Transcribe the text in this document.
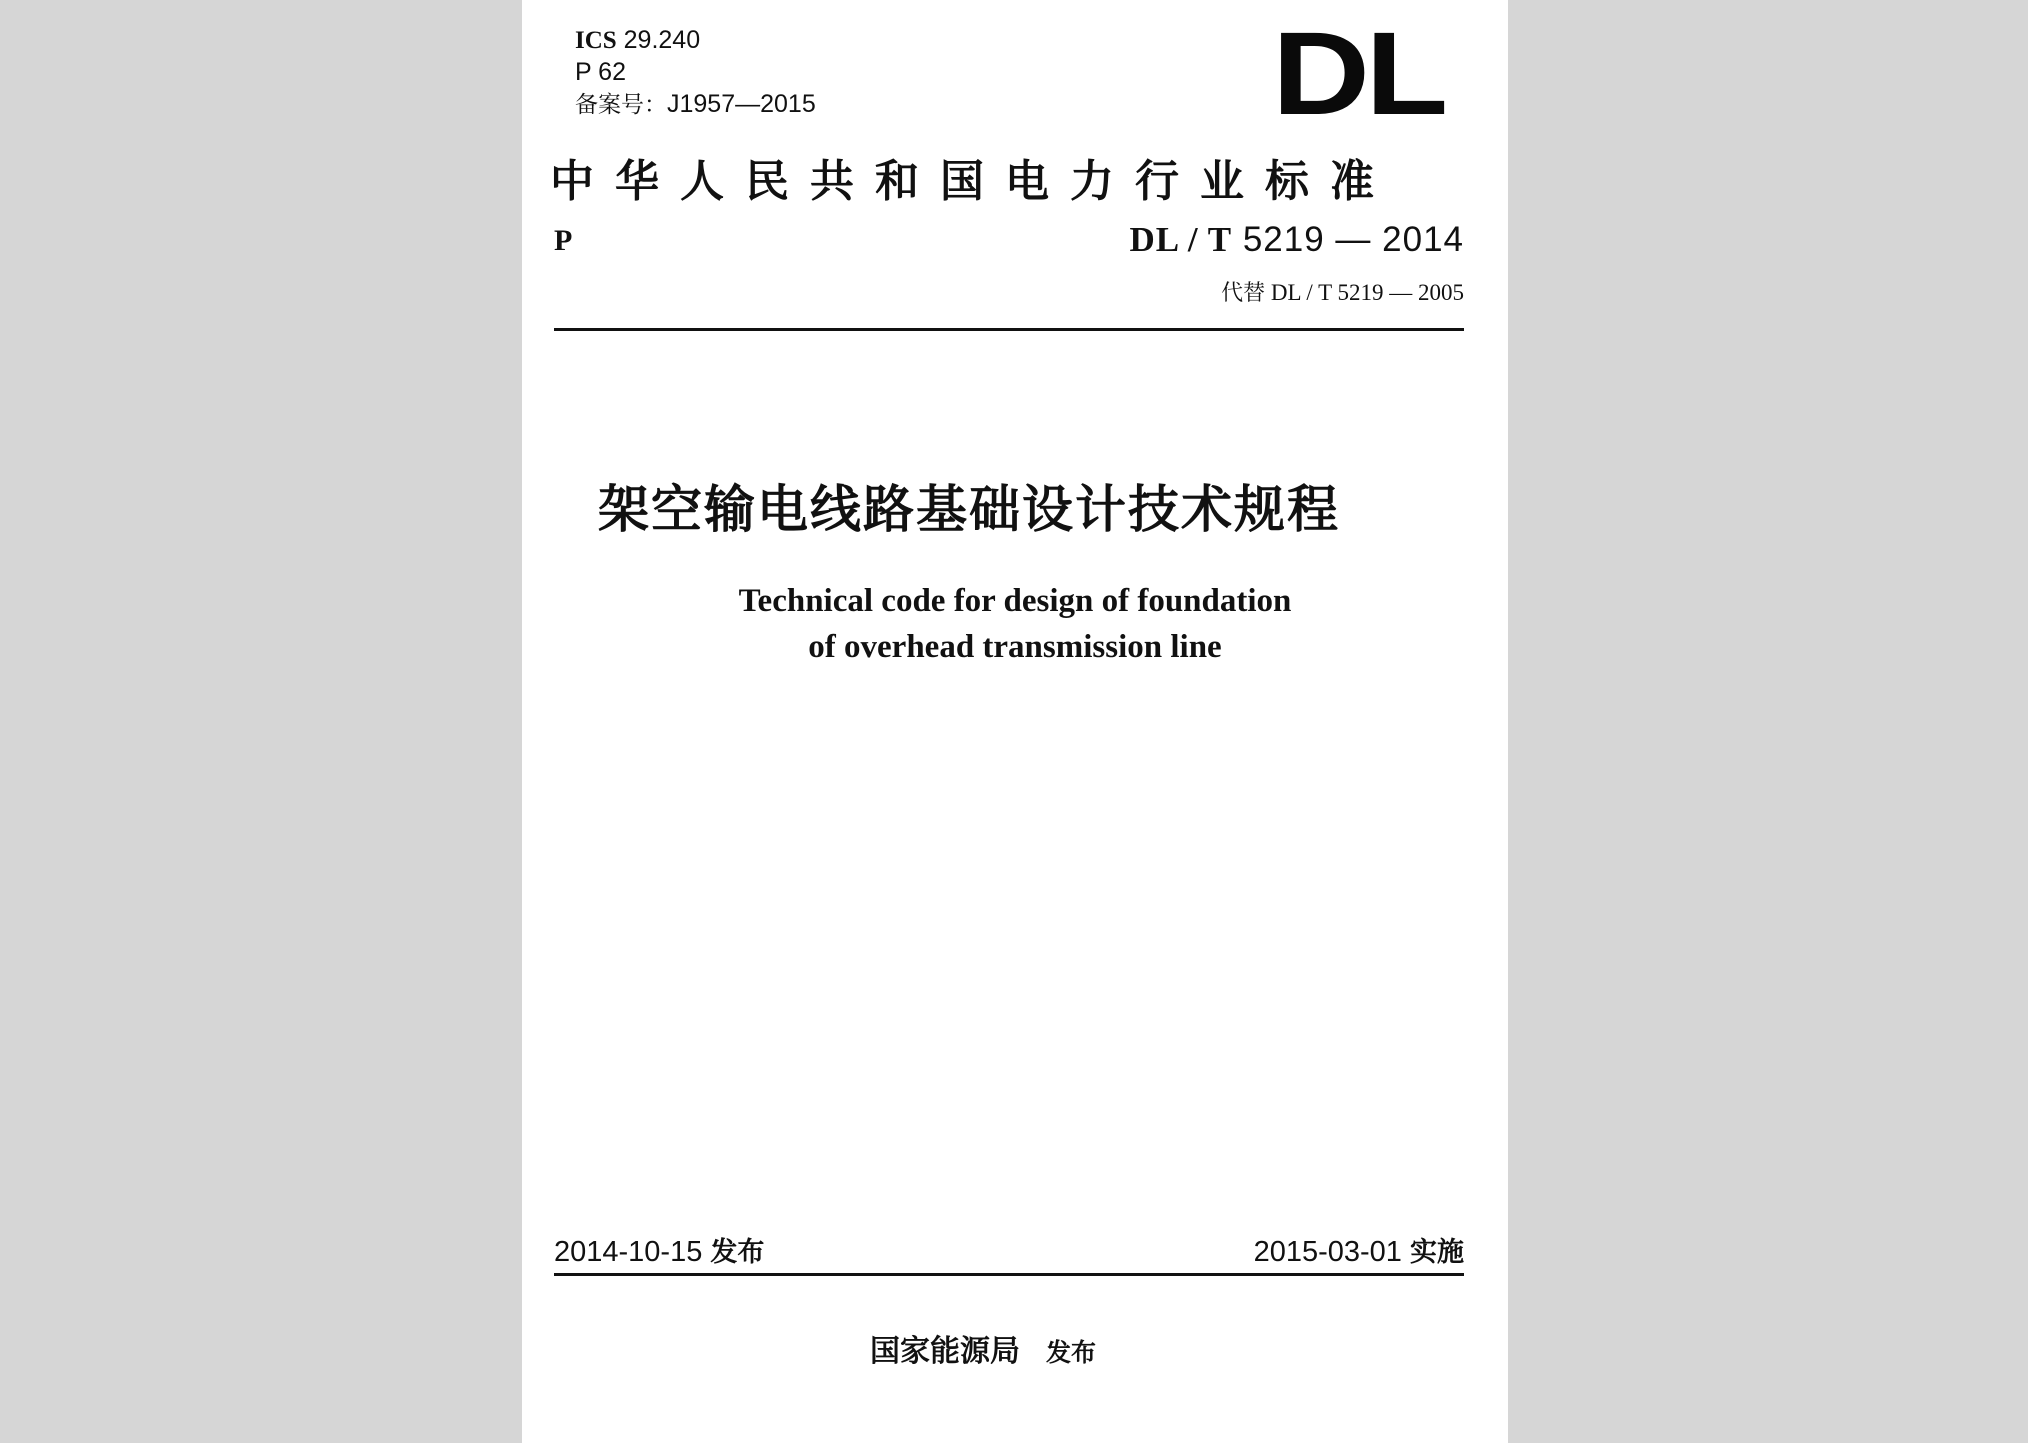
ICS 29.240
P 62
备案号：J1957—2015	DL
中华人民共和国电力行业标准
P	DL / T 5219 — 2014
代替 DL / T 5219 — 2005
架空输电线路基础设计技术规程
Technical code for design of foundation
of overhead transmission line
2014-10-15 发布	2015-03-01 实施
国家能源局 发布
